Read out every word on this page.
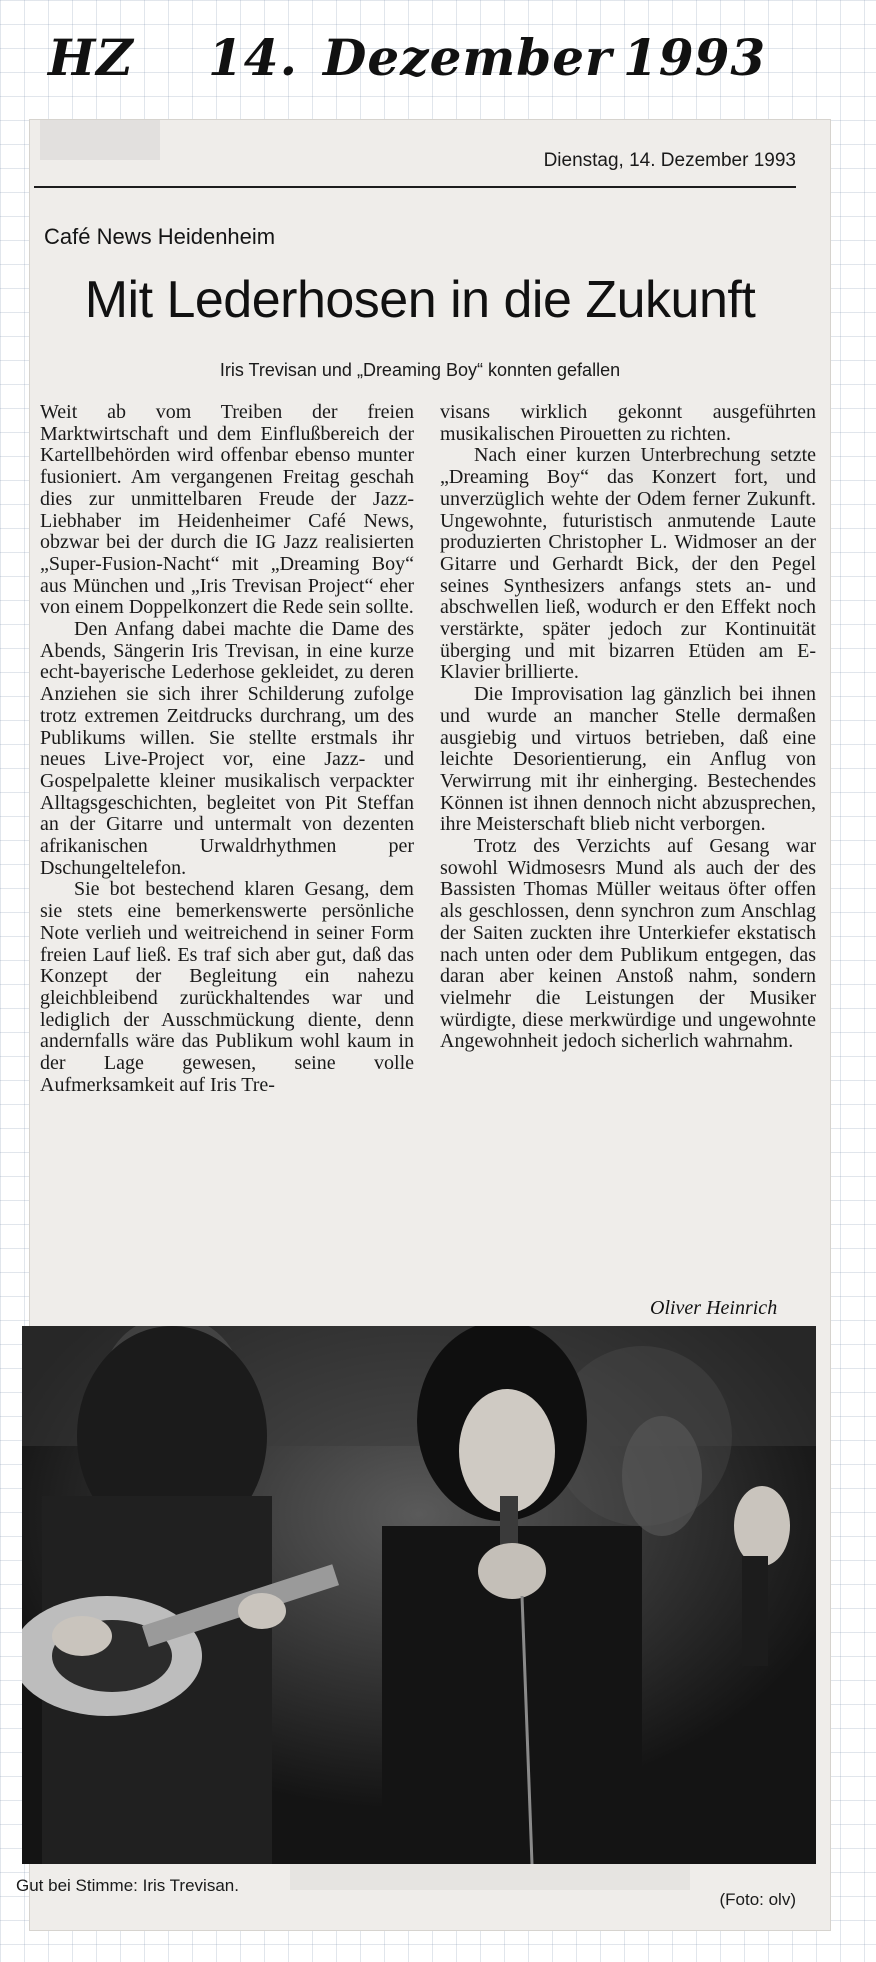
HZ 14. Dezember 1993
Dienstag, 14. Dezember 1993
Café News Heidenheim
Mit Lederhosen in die Zukunft
Iris Trevisan und „Dreaming Boy“ konnten gefallen

Weit ab vom Treiben der freien Marktwirtschaft und dem Einflußbereich der Kartellbehörden wird offenbar ebenso munter fusioniert. Am vergangenen Freitag geschah dies zur unmittelbaren Freude der Jazz-Liebhaber im Heidenheimer Café News, obzwar bei der durch die IG Jazz realisierten „Super-Fusion-Nacht“ mit „Dreaming Boy“ aus München und „Iris Trevisan Project“ eher von einem Doppelkonzert die Rede sein sollte.

Den Anfang dabei machte die Dame des Abends, Sängerin Iris Trevisan, in eine kurze echt-bayerische Lederhose gekleidet, zu deren Anziehen sie sich ihrer Schilderung zufolge trotz extremen Zeitdrucks durchrang, um des Publikums willen. Sie stellte erstmals ihr neues Live-Project vor, eine Jazz- und Gospelpalette kleiner musikalisch verpackter Alltagsgeschichten, begleitet von Pit Steffan an der Gitarre und untermalt von dezenten afrikanischen Urwaldrhythmen per Dschungeltelefon.

Sie bot bestechend klaren Gesang, dem sie stets eine bemerkenswerte persönliche Note verlieh und weitreichend in seiner Form freien Lauf ließ. Es traf sich aber gut, daß das Konzept der Begleitung ein nahezu gleichbleibend zurückhaltendes war und lediglich der Ausschmückung diente, denn andernfalls wäre das Publikum wohl kaum in der Lage gewesen, seine volle Aufmerksamkeit auf Iris Tre-

visans wirklich gekonnt ausgeführten musikalischen Pirouetten zu richten.

Nach einer kurzen Unterbrechung setzte „Dreaming Boy“ das Konzert fort, und unverzüglich wehte der Odem ferner Zukunft. Ungewohnte, futuristisch anmutende Laute produzierten Christopher L. Widmoser an der Gitarre und Gerhardt Bick, der den Pegel seines Synthesizers anfangs stets an- und abschwellen ließ, wodurch er den Effekt noch verstärkte, später jedoch zur Kontinuität überging und mit bizarren Etüden am E-Klavier brillierte.

Die Improvisation lag gänzlich bei ihnen und wurde an mancher Stelle dermaßen ausgiebig und virtuos betrieben, daß eine leichte Desorientierung, ein Anflug von Verwirrung mit ihr einherging. Bestechendes Können ist ihnen dennoch nicht abzusprechen, ihre Meisterschaft blieb nicht verborgen.

Trotz des Verzichts auf Gesang war sowohl Widmosesrs Mund als auch der des Bassisten Thomas Müller weitaus öfter offen als geschlossen, denn synchron zum Anschlag der Saiten zuckten ihre Unterkiefer ekstatisch nach unten oder dem Publikum entgegen, das daran aber keinen Anstoß nahm, sondern vielmehr die Leistungen der Musiker würdigte, diese merkwürdige und ungewohnte Angewohnheit jedoch sicherlich wahrnahm.

Oliver Heinrich
Gut bei Stimme: Iris Trevisan.
(Foto: olv)
